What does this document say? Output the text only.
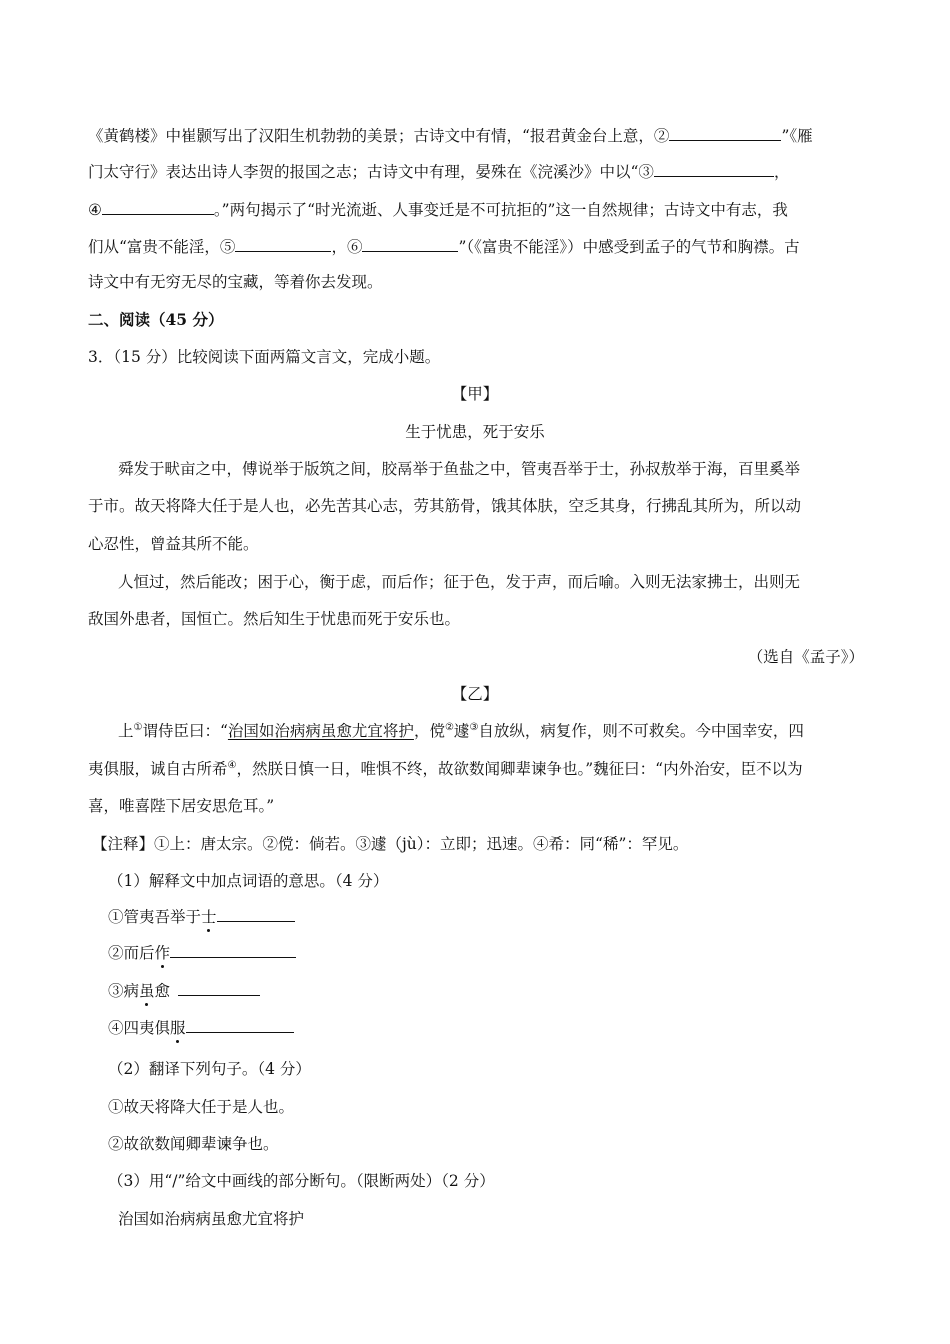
《黄鹤楼》中崔颢写出了汉阳生机勃勃的美景；古诗文中有情，“报君黄金台上意，②	”《雁
门太守行》表达出诗人李贺的报国之志；古诗文中有理，晏殊在《浣溪沙》中以“③	，
④	。”两句揭示了“时光流逝、人事变迁是不可抗拒的”这一自然规律；古诗文中有志，我
们从“富贵不能淫，⑤	，⑥	”（《富贵不能淫》）中感受到孟子的气节和胸襟。古
诗文中有无穷无尽的宝藏，等着你去发现。
二、阅读（45 分）
3．（15 分）比较阅读下面两篇文言文，完成小题。
【甲】
生于忧患，死于安乐
舜发于畎亩之中，傅说举于版筑之间，胶鬲举于鱼盐之中，管夷吾举于士，孙叔敖举于海，百里奚举
于市。故天将降大任于是人也，必先苦其心志，劳其筋骨，饿其体肤，空乏其身，行拂乱其所为，所以动
心忍性，曾益其所不能。
人恒过，然后能改；困于心，衡于虑，而后作；征于色，发于声，而后喻。入则无法家拂士，出则无
敌国外患者，国恒亡。然后知生于忧患而死于安乐也。
（选自《孟子》）
【乙】
上①谓侍臣曰：“治国如治病病虽愈尤宜将护，傥②遽③自放纵，病复作，则不可救矣。今中国幸安，四
夷俱服，诚自古所希④，然朕日慎一日，唯惧不终，故欲数闻卿辈谏争也。”魏征曰：“内外治安，臣不以为
喜，唯喜陛下居安思危耳。”
【注释】①上：唐太宗。②傥：倘若。③遽（jù）：立即；迅速。④希：同“稀”：罕见。
（1）解释文中加点词语的意思。（4 分）
①管夷吾举于士
②而后作
③病虽愈
④四夷俱服
（2）翻译下列句子。（4 分）
①故天将降大任于是人也。
②故欲数闻卿辈谏争也。
（3）用“/”给文中画线的部分断句。（限断两处）（2 分）
治国如治病病虽愈尤宜将护
